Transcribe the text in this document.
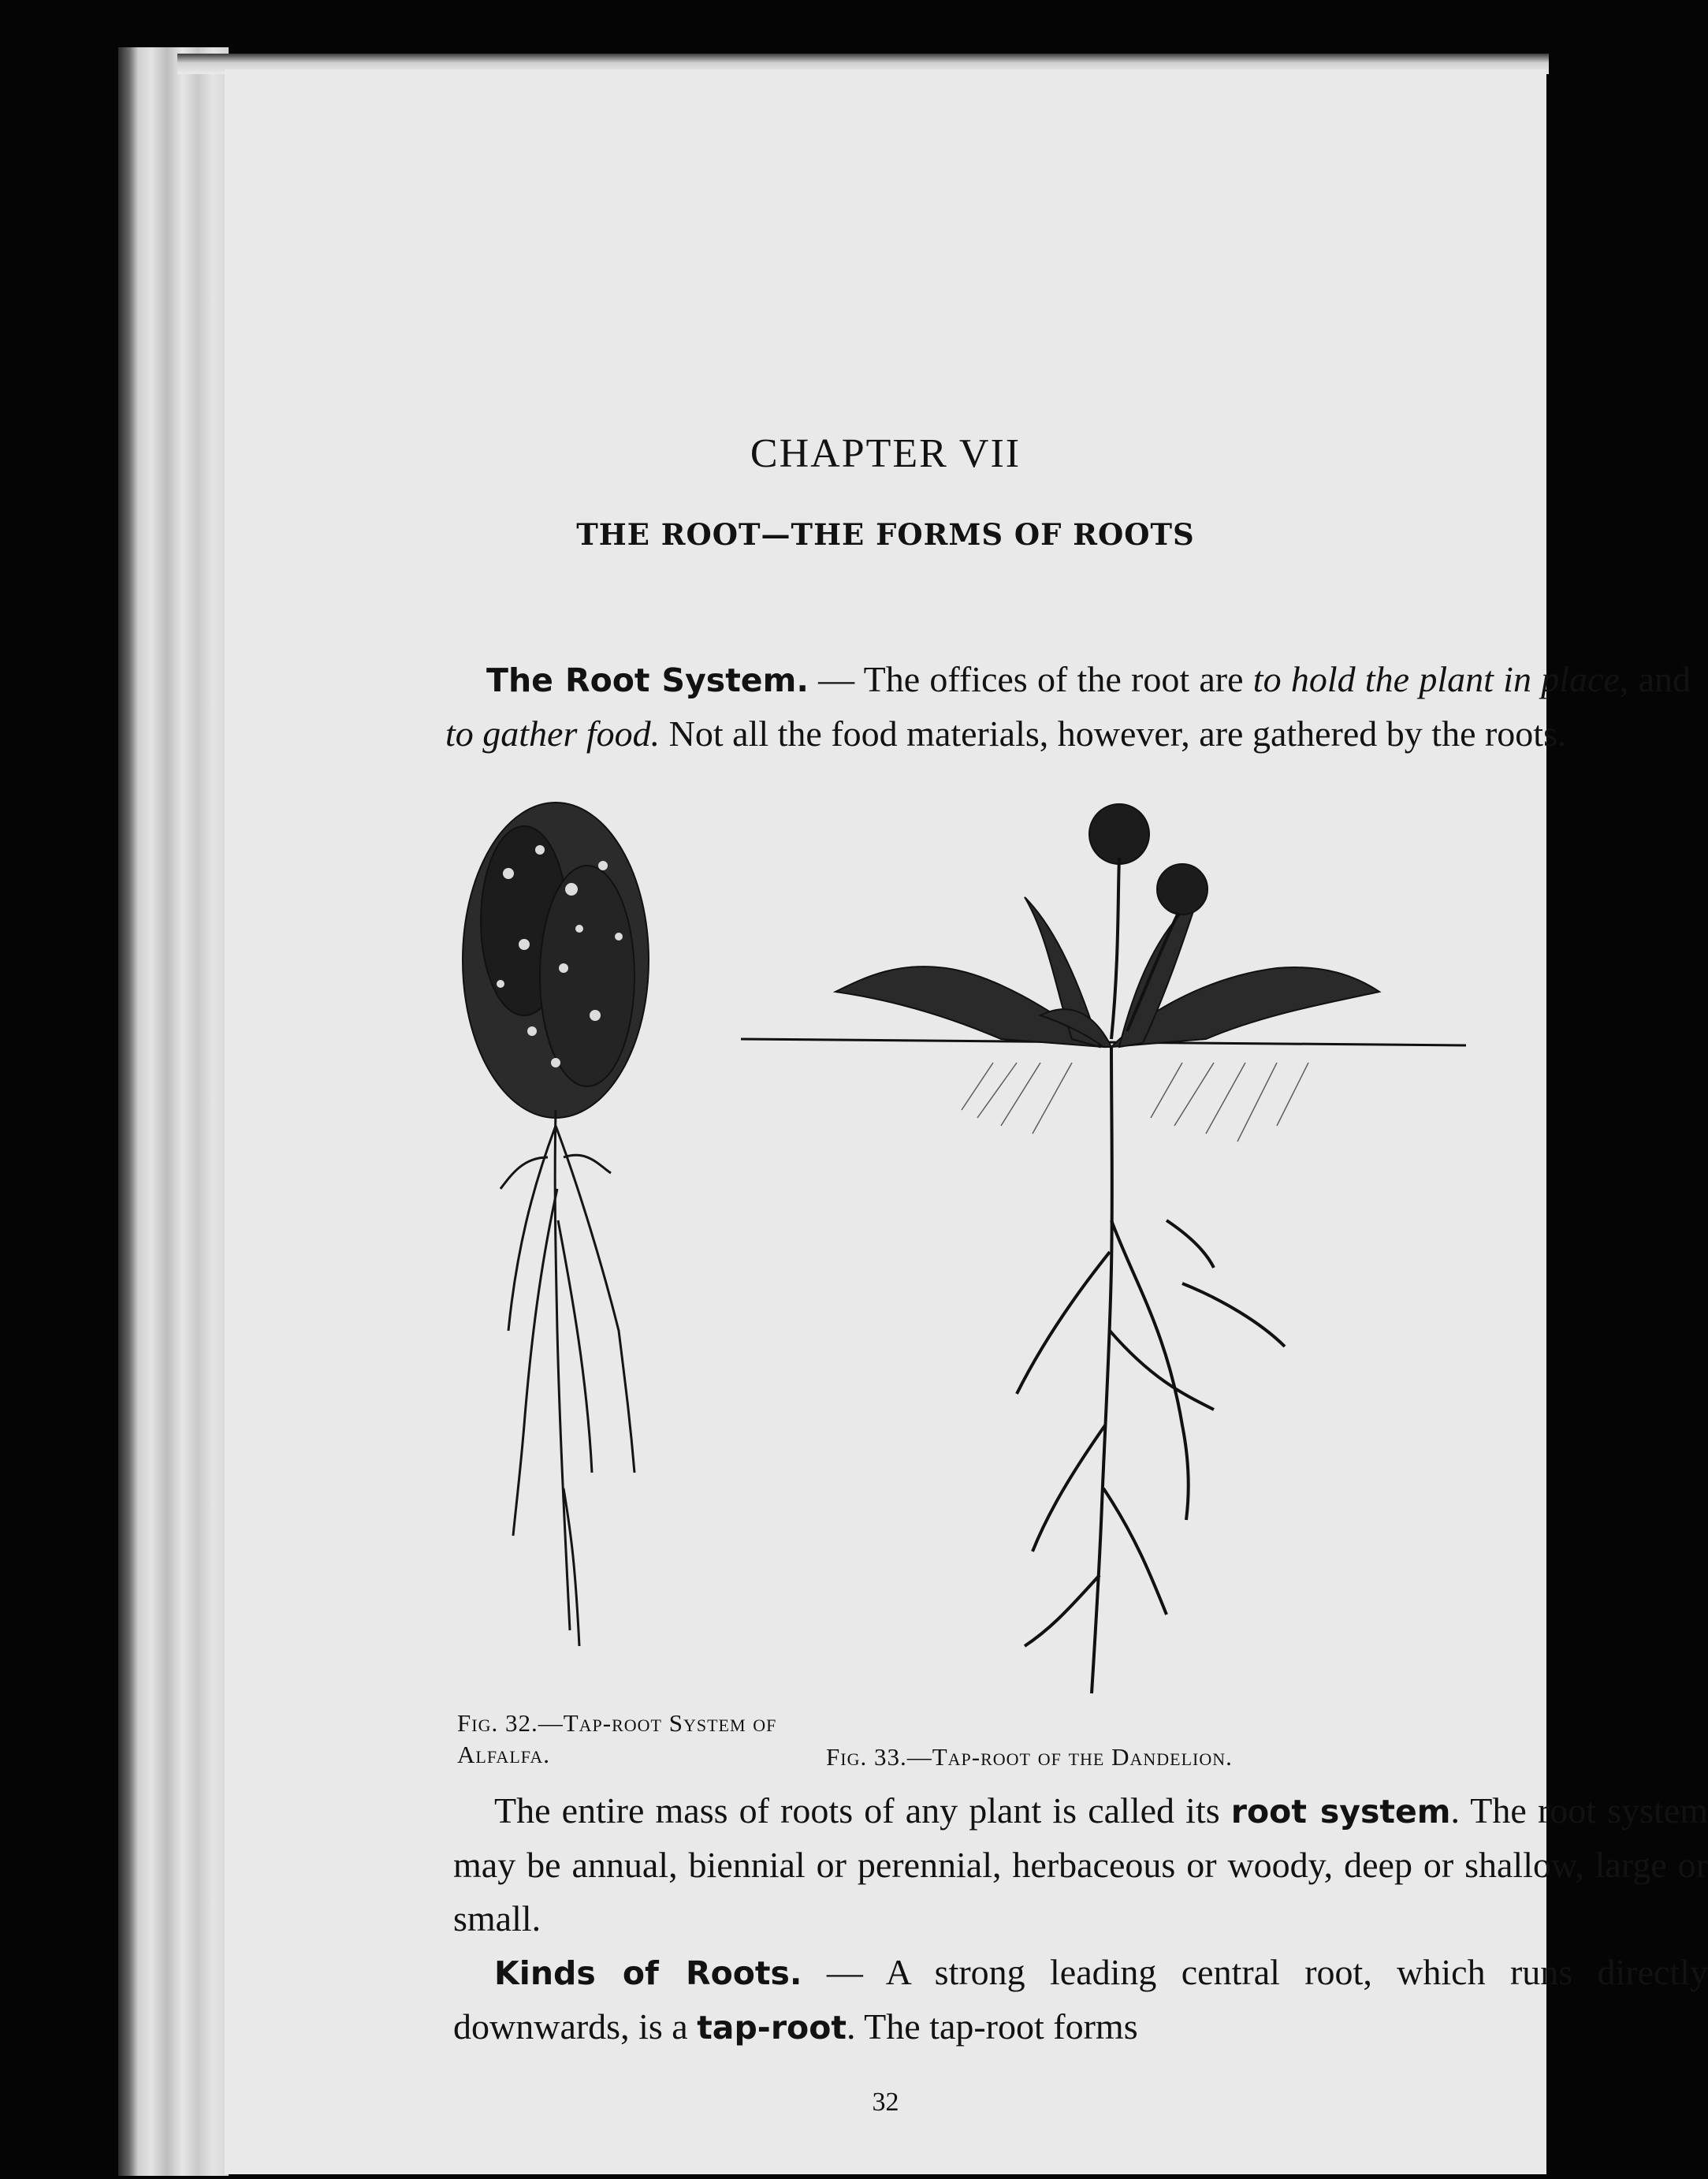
CHAPTER VII
THE ROOT—THE FORMS OF ROOTS

The Root System. — The offices of the root are to hold the plant in place, and to gather food. Not all the food materials, however, are gathered by the roots.

Fig. 32.—Tap-root System of Alfalfa.	Fig. 33.—Tap-root of the Dandelion.

The entire mass of roots of any plant is called its root system. The root system may be annual, biennial or perennial, herbaceous or woody, deep or shallow, large or small.
Kinds of Roots. — A strong leading central root, which runs directly downwards, is a tap-root. The tap-root forms

32
